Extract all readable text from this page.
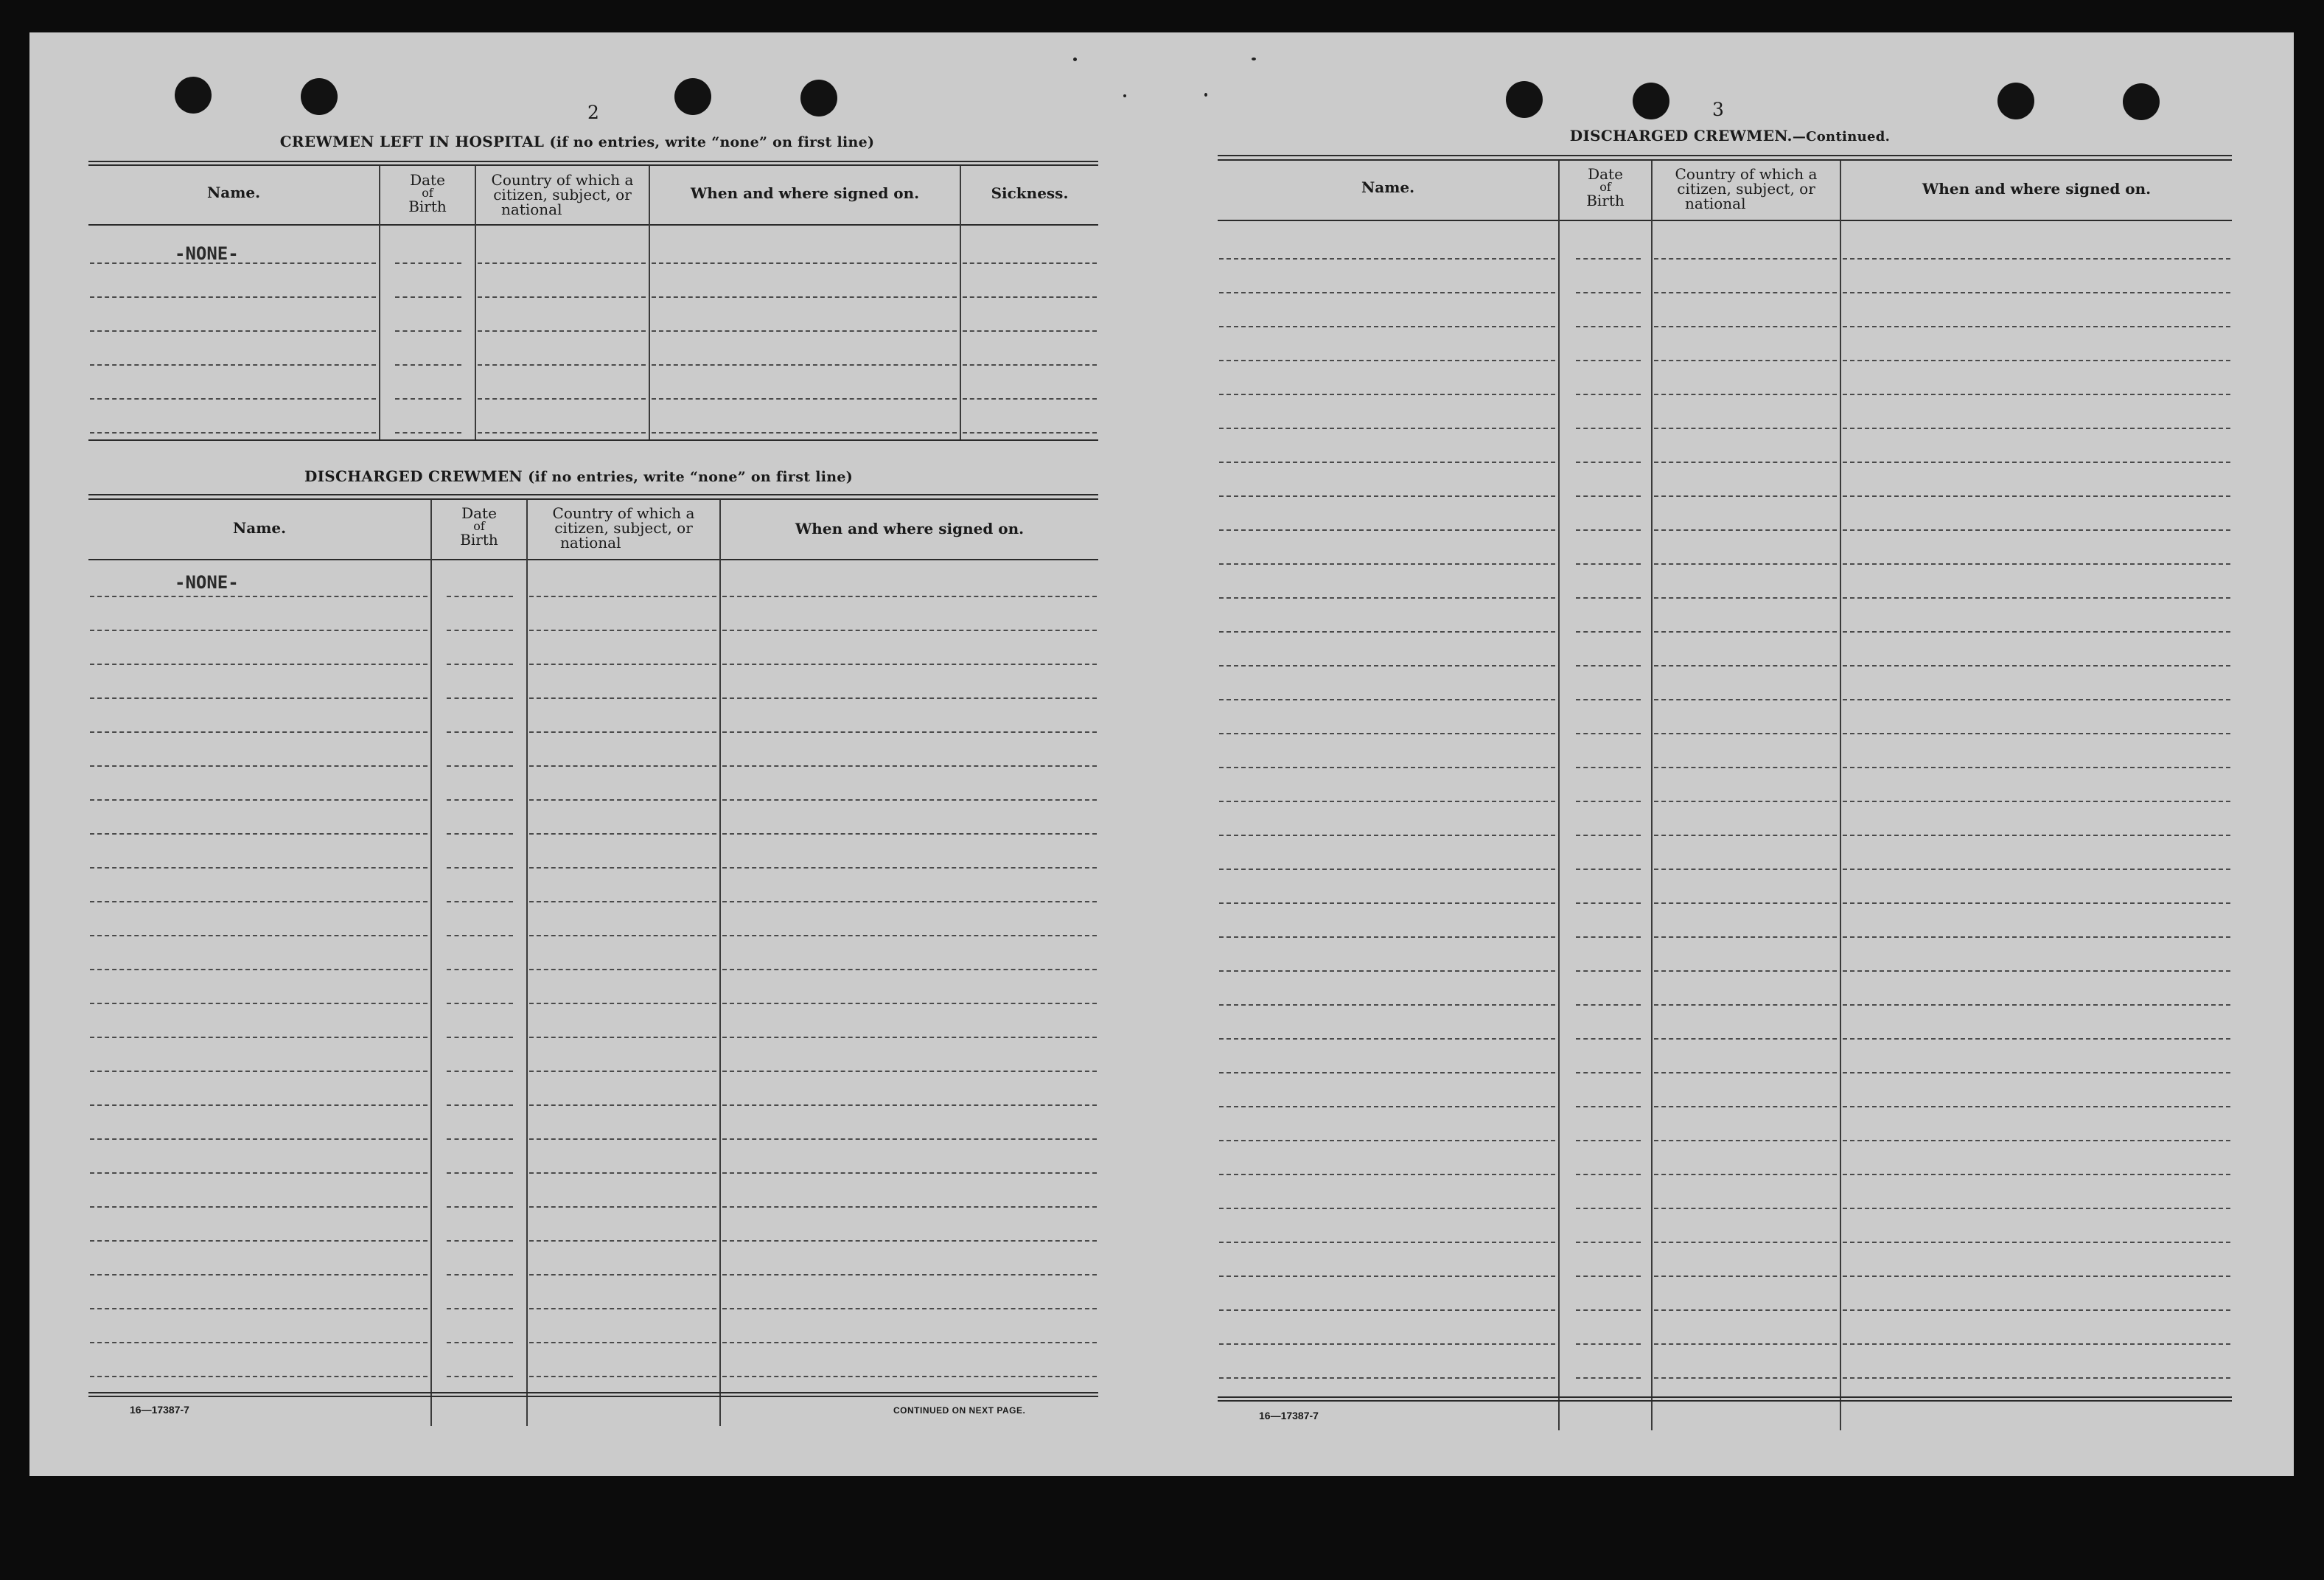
2
CREWMEN LEFT IN HOSPITAL (if no entries, write “none” on first line)
Name.
Date
of
Birth
Country of which a
citizen, subject, or
national
When and where signed on.	Sickness.
-NONE-
DISCHARGED CREWMEN (if no entries, write “none” on first line)
Name.
Date
of
Birth
Country of which a
citizen, subject, or
national
When and where signed on.
-NONE-
16—17387-7	CONTINUED ON NEXT PAGE.
3
DISCHARGED CREWMEN.—Continued.
Name.
Date
of
Birth
Country of which a
citizen, subject, or
national
When and where signed on.
16—17387-7
